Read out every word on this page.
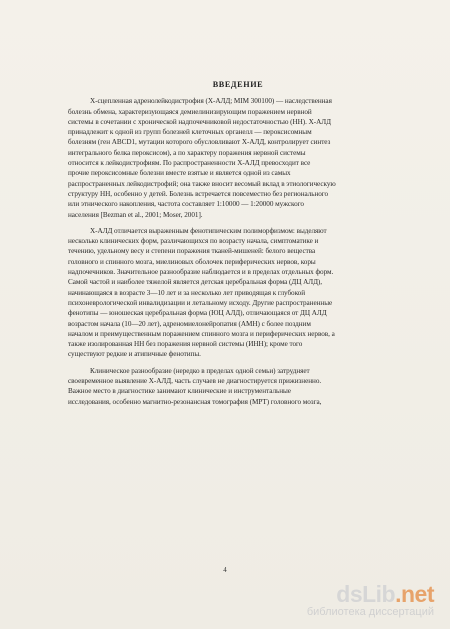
ВВЕДЕНИЕ
Х-сцепленная адренолейкодистрофия (Х-АЛД; MIM 300100) — наследственная
болезнь обмена, характеризующаяся демиелинизирующим поражением нервной
системы в сочетании с хронической надпочечниковой недостаточностью (НН). Х-АЛД
принадлежит к одной из групп болезней клеточных органелл — пероксисомным
болезням (ген ABCD1, мутации которого обусловливают Х-АЛД, контролирует синтез
интегрального белка пероксисом), а по характеру поражения нервной системы
относится к лейкодистрофиям. По распространенности Х-АЛД превосходит все
прочие пероксисомные болезни вместе взятые и является одной из самых
распространенных лейкодистрофий; она также вносит весомый вклад в этиологическую
структуру НН, особенно у детей. Болезнь встречается повсеместно без регионального
или этнического накопления, частота составляет 1:10000 — 1:20000 мужского
населения [Bezman et al., 2001; Moser, 2001].
Х-АЛД отличается выраженным фенотипическим полиморфизмом: выделяют
несколько клинических форм, различающихся по возрасту начала, симптоматике и
течению, удельному весу и степени поражения тканей-мишеней: белого вещества
головного и спинного мозга, миелиновых оболочек периферических нервов, коры
надпочечников. Значительное разнообразие наблюдается и в пределах отдельных форм.
Самой частой и наиболее тяжелой является детская церебральная форма (ДЦ АЛД),
начинающаяся в возрасте 3—10 лет и за несколько лет приводящая к глубокой
психоневрологической инвалидизации и летальному исходу. Другие распространенные
фенотипы — юношеская церебральная форма (ЮЦ АЛД), отличающаяся от ДЦ АЛД
возрастом начала (10—20 лет), адреномиелонейропатия (АМН) с более поздним
началом и преимущественным поражением спинного мозга и периферических нервов, а
также изолированная НН без поражения нервной системы (ИНН); кроме того
существуют редкие и атипичные фенотипы.
Клиническое разнообразие (нередко в пределах одной семьи) затрудняет
своевременное выявление Х-АЛД, часть случаев не диагностируется прижизненно.
Важное место в диагностике занимают клинические и инструментальные
исследования, особенно магнитно-резонансная томография (МРТ) головного мозга,
4
dsLib.net
библиотека диссертаций
